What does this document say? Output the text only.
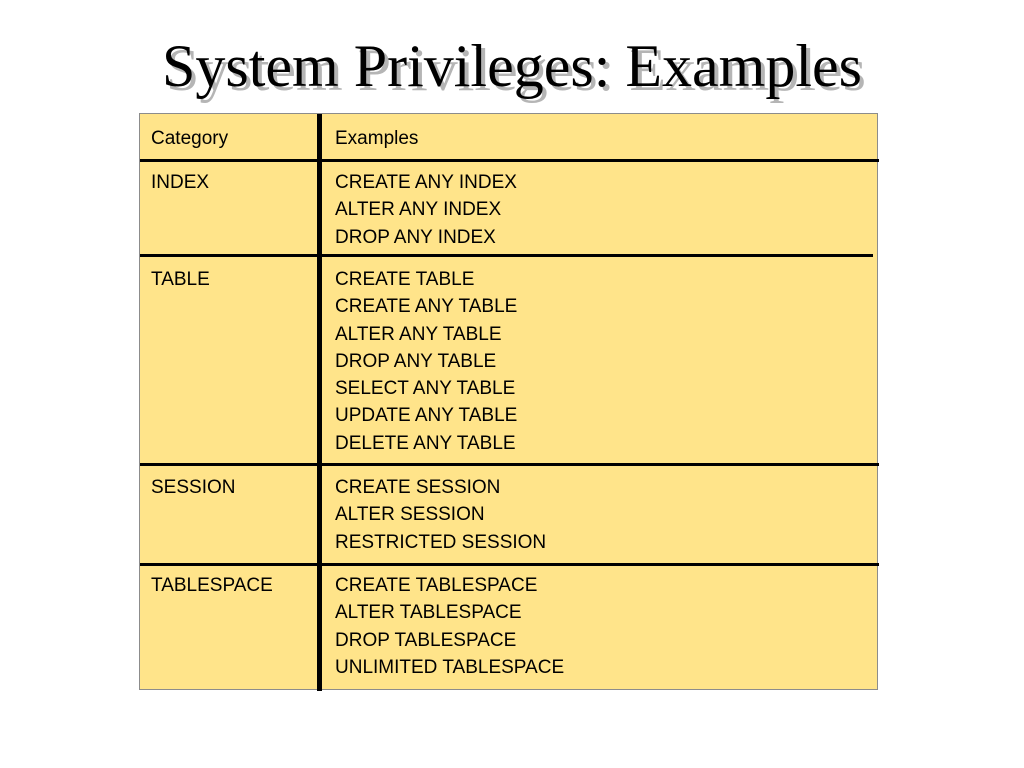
System Privileges: Examples
Category	Examples
INDEX	CREATE ANY INDEX
ALTER ANY INDEX
DROP ANY INDEX
TABLE	CREATE TABLE
CREATE ANY TABLE
ALTER ANY TABLE
DROP ANY TABLE
SELECT ANY TABLE
UPDATE ANY TABLE
DELETE ANY TABLE
SESSION	CREATE SESSION
ALTER SESSION
RESTRICTED SESSION
TABLESPACE	CREATE TABLESPACE
ALTER TABLESPACE
DROP TABLESPACE
UNLIMITED TABLESPACE
